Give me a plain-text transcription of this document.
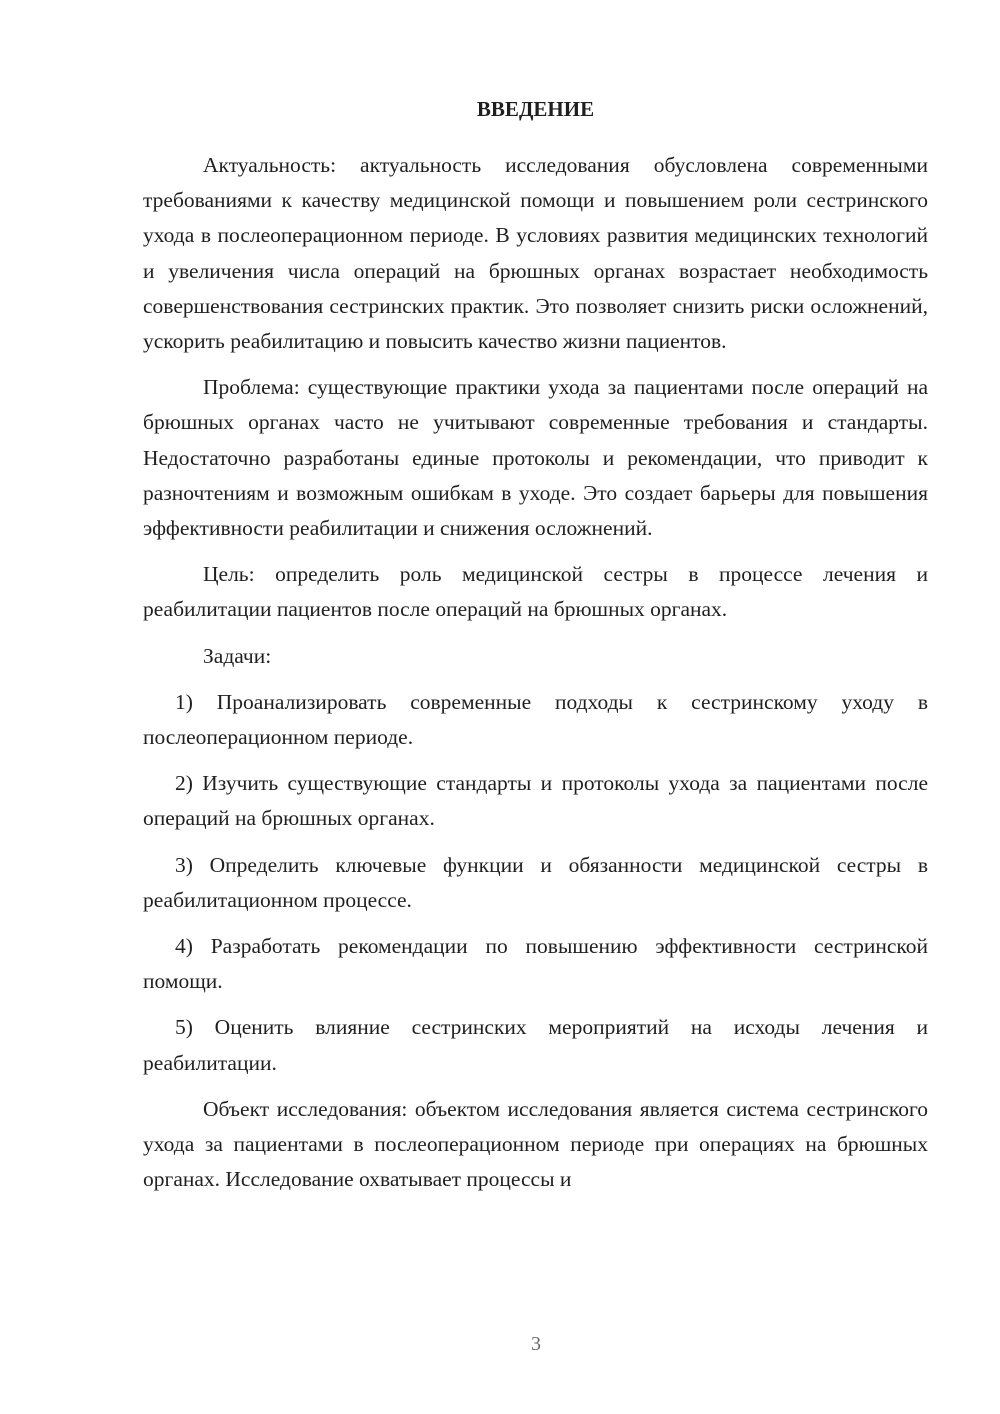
ВВЕДЕНИЕ

Актуальность: актуальность исследования обусловлена современными требованиями к качеству медицинской помощи и повышением роли сестринского ухода в послеоперационном периоде. В условиях развития медицинских технологий и увеличения числа операций на брюшных органах возрастает необходимость совершенствования сестринских практик. Это позволяет снизить риски осложнений, ускорить реабилитацию и повысить качество жизни пациентов.

Проблема: существующие практики ухода за пациентами после операций на брюшных органах часто не учитывают современные требования и стандарты. Недостаточно разработаны единые протоколы и рекомендации, что приводит к разночтениям и возможным ошибкам в уходе. Это создает барьеры для повышения эффективности реабилитации и снижения осложнений.

Цель: определить роль медицинской сестры в процессе лечения и реабилитации пациентов после операций на брюшных органах.

Задачи:

1) Проанализировать современные подходы к сестринскому уходу в послеоперационном периоде.

2) Изучить существующие стандарты и протоколы ухода за пациентами после операций на брюшных органах.

3) Определить ключевые функции и обязанности медицинской сестры в реабилитационном процессе.

4) Разработать рекомендации по повышению эффективности сестринской помощи.

5) Оценить влияние сестринских мероприятий на исходы лечения и реабилитации.

Объект исследования: объектом исследования является система сестринского ухода за пациентами в послеоперационном периоде при операциях на брюшных органах. Исследование охватывает процессы и

3
